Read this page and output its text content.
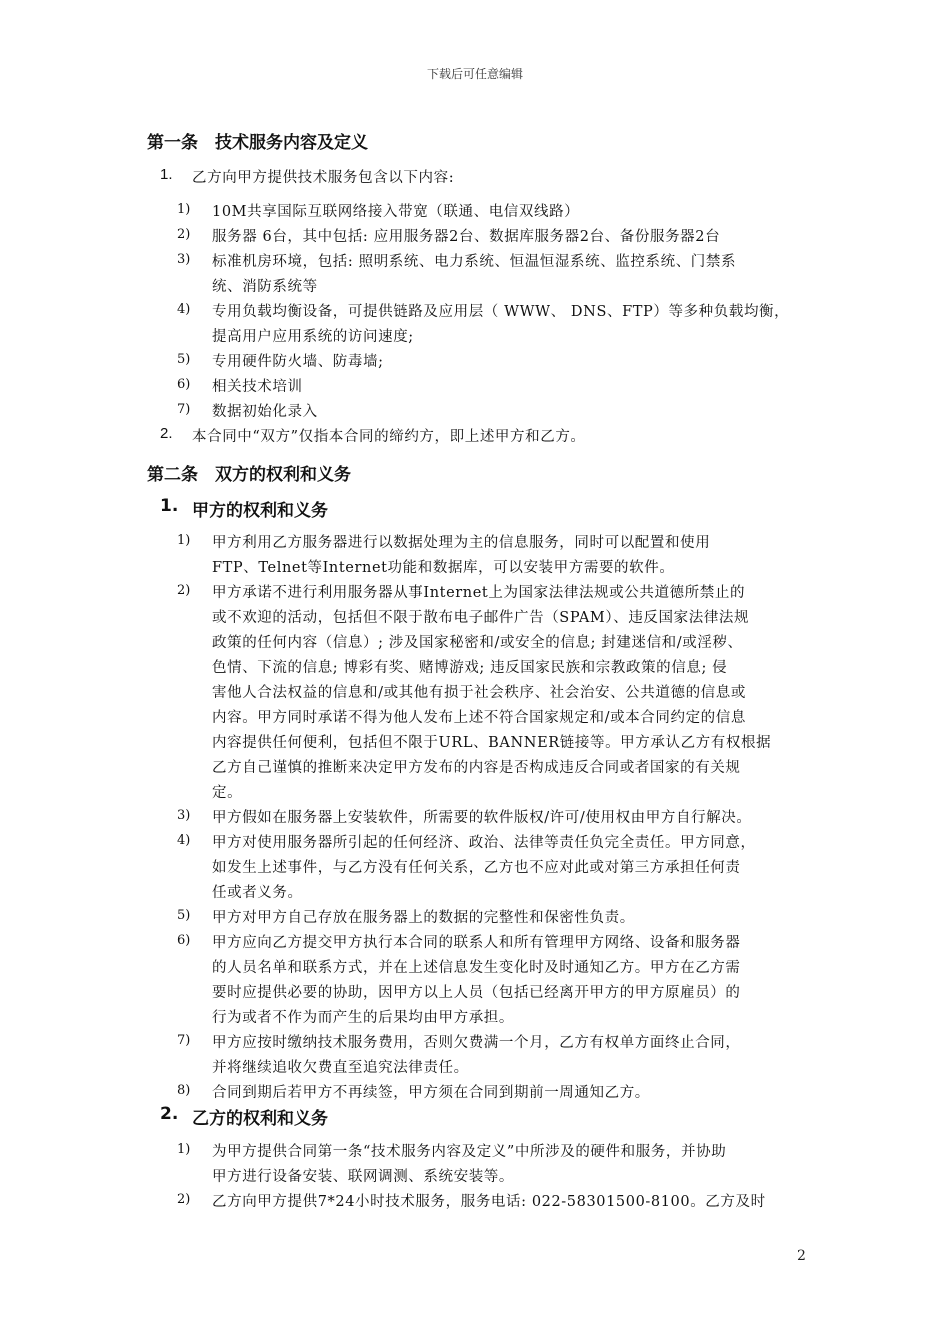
下载后可任意编辑
第一条　技术服务内容及定义
1. 乙方向甲方提供技术服务包含以下内容:
1) 10M共享国际互联网络接入带宽（联通、电信双线路）
2) 服务器 6台，其中包括: 应用服务器2台、数据库服务器2台、备份服务器2台
3) 标准机房环境，包括: 照明系统、电力系统、恒温恒湿系统、监控系统、门禁系
统、消防系统等
4) 专用负载均衡设备，可提供链路及应用层（ WWW、 DNS、FTP）等多种负载均衡，
提高用户应用系统的访问速度;
5) 专用硬件防火墙、防毒墙;
6) 相关技术培训
7) 数据初始化录入
2. 本合同中“双方”仅指本合同的缔约方，即上述甲方和乙方。
第二条　双方的权利和义务
1. 甲方的权利和义务
1) 甲方利用乙方服务器进行以数据处理为主的信息服务，同时可以配置和使用
FTP、Telnet等Internet功能和数据库，可以安装甲方需要的软件。
2) 甲方承诺不进行利用服务器从事Internet上为国家法律法规或公共道德所禁止的
或不欢迎的活动，包括但不限于散布电子邮件广告（SPAM）、违反国家法律法规
政策的任何内容（信息）; 涉及国家秘密和/或安全的信息; 封建迷信和/或淫秽、
色情、下流的信息; 博彩有奖、赌博游戏; 违反国家民族和宗教政策的信息; 侵
害他人合法权益的信息和/或其他有损于社会秩序、社会治安、公共道德的信息或
内容。甲方同时承诺不得为他人发布上述不符合国家规定和/或本合同约定的信息
内容提供任何便利，包括但不限于URL、BANNER链接等。甲方承认乙方有权根据
乙方自己谨慎的推断来决定甲方发布的内容是否构成违反合同或者国家的有关规
定。
3) 甲方假如在服务器上安装软件，所需要的软件版权/许可/使用权由甲方自行解决。
4) 甲方对使用服务器所引起的任何经济、政治、法律等责任负完全责任。甲方同意，
如发生上述事件，与乙方没有任何关系，乙方也不应对此或对第三方承担任何责
任或者义务。
5) 甲方对甲方自己存放在服务器上的数据的完整性和保密性负责。
6) 甲方应向乙方提交甲方执行本合同的联系人和所有管理甲方网络、设备和服务器
的人员名单和联系方式，并在上述信息发生变化时及时通知乙方。甲方在乙方需
要时应提供必要的协助，因甲方以上人员（包括已经离开甲方的甲方原雇员）的
行为或者不作为而产生的后果均由甲方承担。
7) 甲方应按时缴纳技术服务费用，否则欠费满一个月，乙方有权单方面终止合同，
并将继续追收欠费直至追究法律责任。
8) 合同到期后若甲方不再续签，甲方须在合同到期前一周通知乙方。
2. 乙方的权利和义务
1) 为甲方提供合同第一条“技术服务内容及定义”中所涉及的硬件和服务，并协助
甲方进行设备安装、联网调测、系统安装等。
2) 乙方向甲方提供7*24小时技术服务，服务电话: 022-58301500-8100。乙方及时
2
